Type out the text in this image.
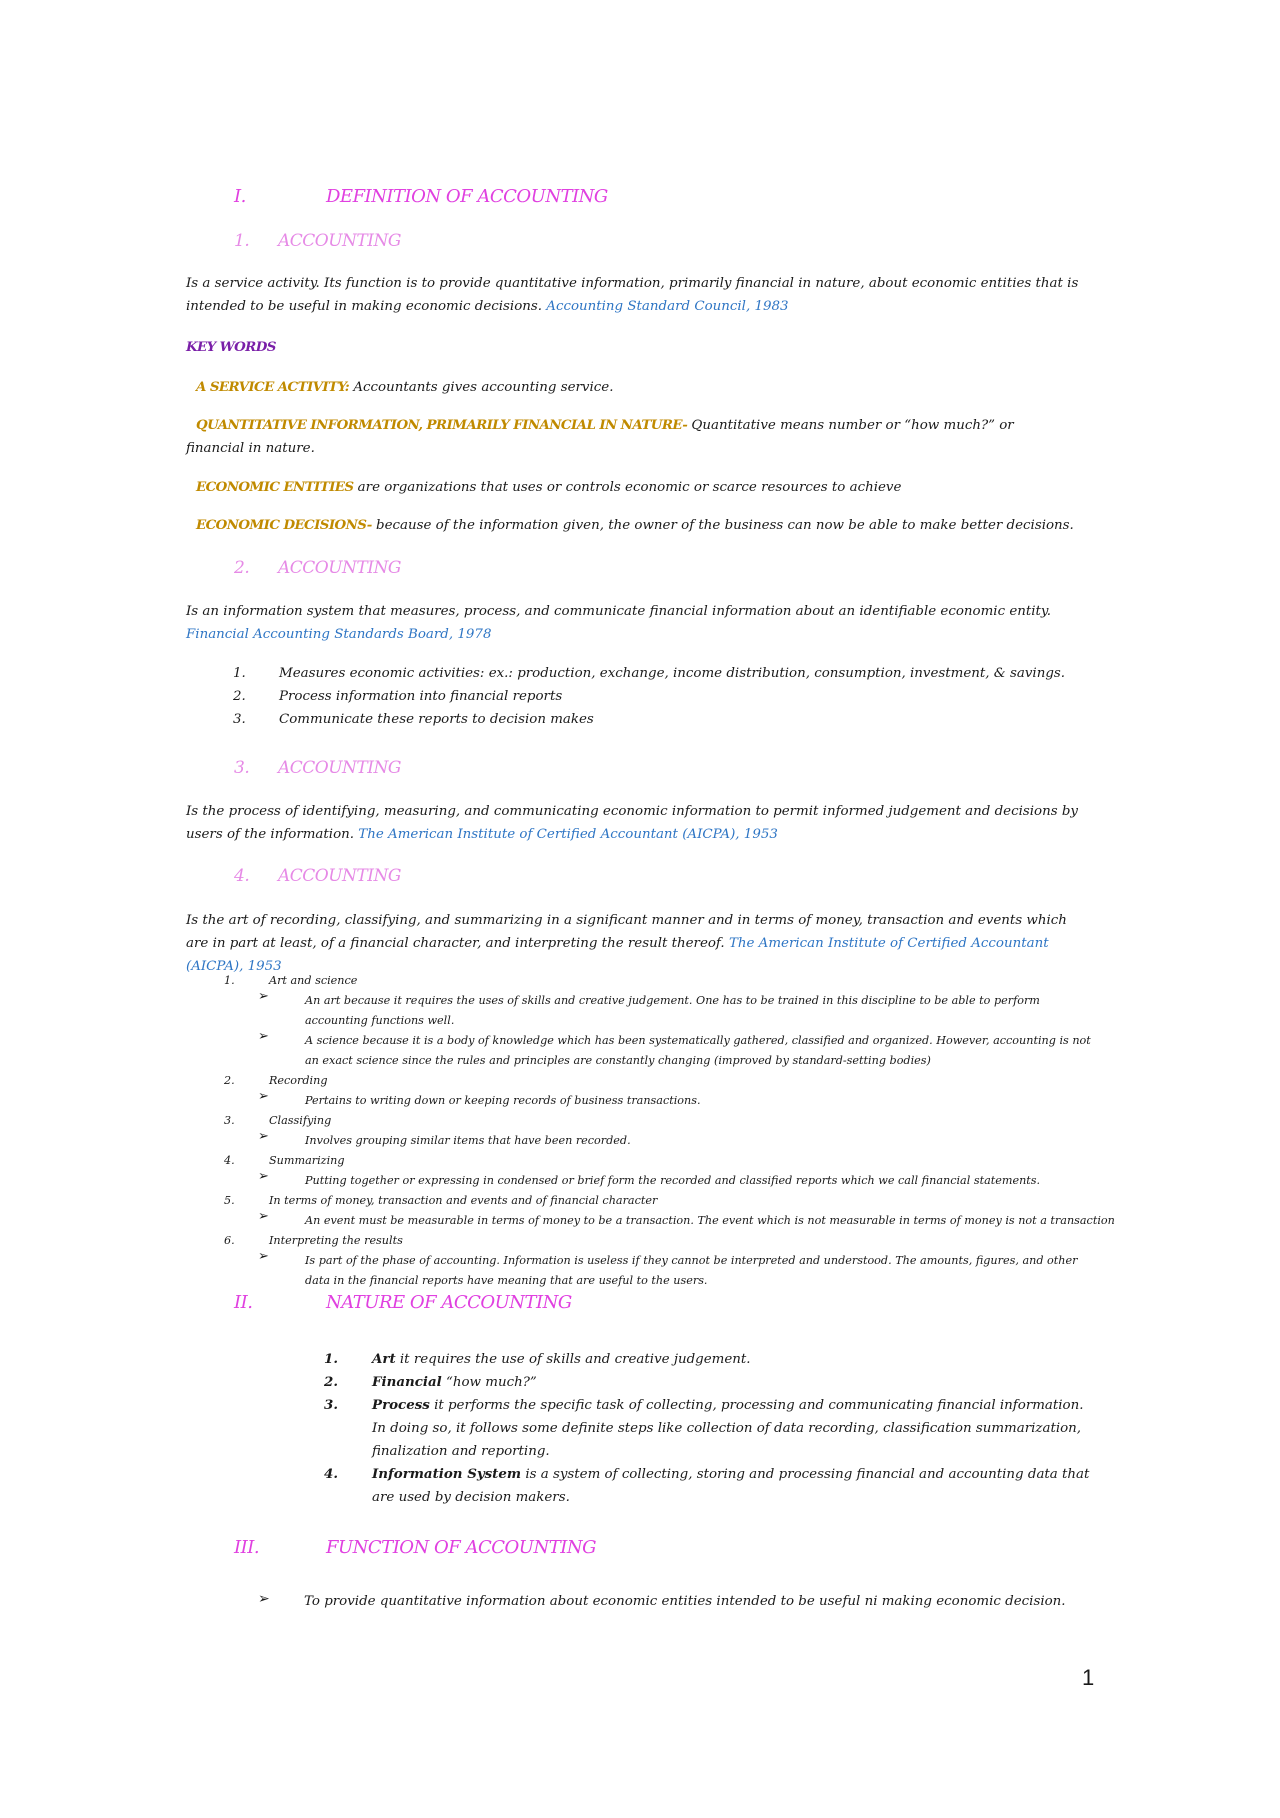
I.	DEFINITION OF ACCOUNTING
1. ACCOUNTING
Is a service activity. Its function is to provide quantitative information, primarily financial in nature, about economic entities that is intended to be useful in making economic decisions. Accounting Standard Council, 1983
KEY WORDS
A SERVICE ACTIVITY: Accountants gives accounting service.
QUANTITATIVE INFORMATION, PRIMARILY FINANCIAL IN NATURE- Quantitative means number or “how much?” or financial in nature.
ECONOMIC ENTITIES are organizations that uses or controls economic or scarce resources to achieve
ECONOMIC DECISIONS- because of the information given, the owner of the business can now be able to make better decisions.
2. ACCOUNTING
Is an information system that measures, process, and communicate financial information about an identifiable economic entity. Financial Accounting Standards Board, 1978
1. Measures economic activities: ex.: production, exchange, income distribution, consumption, investment, & savings.
2. Process information into financial reports
3. Communicate these reports to decision makes
3. ACCOUNTING
Is the process of identifying, measuring, and communicating economic information to permit informed judgement and decisions by users of the information. The American Institute of Certified Accountant (AICPA), 1953
4. ACCOUNTING
Is the art of recording, classifying, and summarizing in a significant manner and in terms of money, transaction and events which are in part at least, of a financial character, and interpreting the result thereof. The American Institute of Certified Accountant (AICPA), 1953
1.	Art and science
➢	An art because it requires the uses of skills and creative judgement. One has to be trained in this discipline to be able to perform accounting functions well.
➢	A science because it is a body of knowledge which has been systematically gathered, classified and organized. However, accounting is not an exact science since the rules and principles are constantly changing (improved by standard-setting bodies)
2.	Recording
➢	Pertains to writing down or keeping records of business transactions.
3.	Classifying
➢	Involves grouping similar items that have been recorded.
4.	Summarizing
➢	Putting together or expressing in condensed or brief form the recorded and classified reports which we call financial statements.
5.	In terms of money, transaction and events and of financial character
➢	An event must be measurable in terms of money to be a transaction. The event which is not measurable in terms of money is not a transaction
6.	Interpreting the results
➢	Is part of the phase of accounting. Information is useless if they cannot be interpreted and understood. The amounts, figures, and other data in the financial reports have meaning that are useful to the users.
II.	NATURE OF ACCOUNTING
1.	Art it requires the use of skills and creative judgement.
2.	Financial “how much?”
3.	Process it performs the specific task of collecting, processing and communicating financial information. In doing so, it follows some definite steps like collection of data recording, classification summarization, finalization and reporting.
4.	Information System is a system of collecting, storing and processing financial and accounting data that are used by decision makers.
III.	FUNCTION OF ACCOUNTING
➢	To provide quantitative information about economic entities intended to be useful ni making economic decision.
1
